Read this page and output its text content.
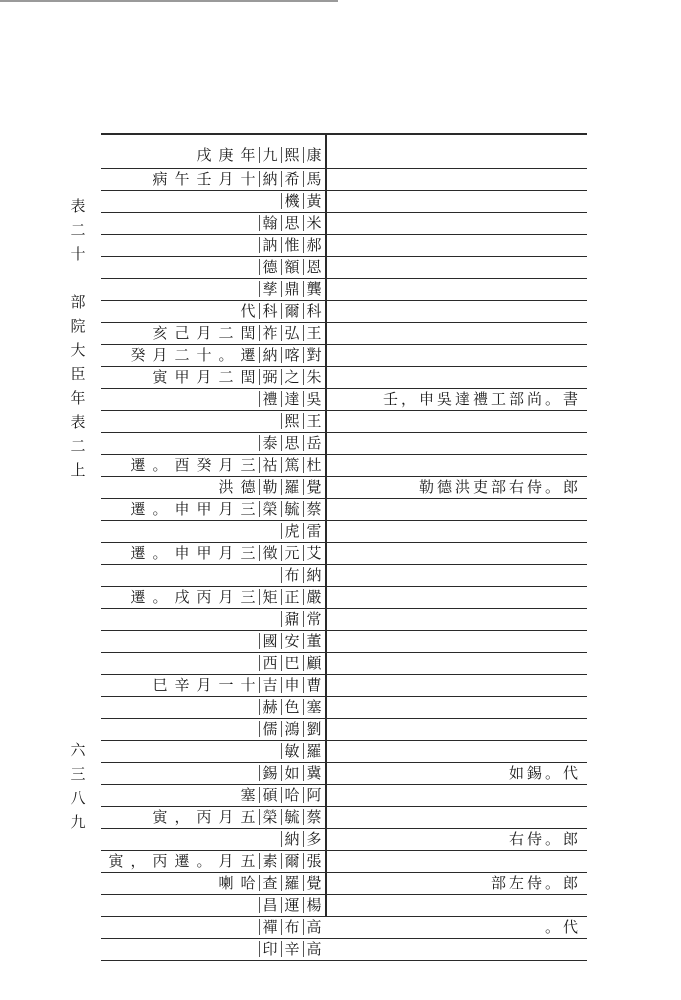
表
二
十

部
院
大
臣
年
表
二
上
六
三
八
九
康熙九年庚戌
馬希納十月壬午病
黃機
米思翰
郝惟訥
恩額德
龔鼎孳
科爾科代
王弘祚閏二月己亥
對喀納遷。十二月癸
朱之弼閏二月甲寅
吳達禮	壬，申吳達禮工部尚。書
王熙
岳思泰
杜篤祜三月癸酉。遷
覺羅勒德洪	勒德洪吏部右侍。郎
蔡毓榮三月甲申。遷
雷虎
艾元徵三月甲申。遷
納布
嚴正矩三月丙戌。遷
常鼐
董安國
顧巴西
曹申吉十一月辛巳
塞色赫
劉鴻儒
羅敏
冀如錫	如錫。代
阿哈碩塞
蔡毓榮五月丙，寅
多納	右侍。郎
張爾素五月。遷丙，寅
覺羅查哈喇	部左侍。郎
楊運昌
高布禪	。代
高辛印
